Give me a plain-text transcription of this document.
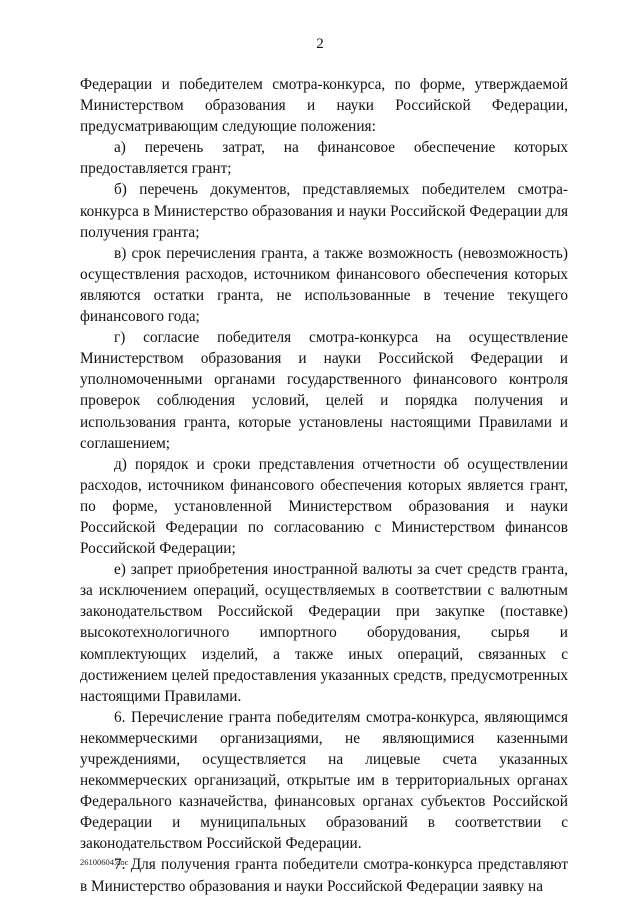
2

Федерации и победителем смотра-конкурса, по форме, утверждаемой Министерством образования и науки Российской Федерации, предусматривающим следующие положения:

а) перечень затрат, на финансовое обеспечение которых предоставляется грант;

б) перечень документов, представляемых победителем смотра-конкурса в Министерство образования и науки Российской Федерации для получения гранта;

в) срок перечисления гранта, а также возможность (невозможность) осуществления расходов, источником финансового обеспечения которых являются остатки гранта, не использованные в течение текущего финансового года;

г) согласие победителя смотра-конкурса на осуществление Министерством образования и науки Российской Федерации и уполномоченными органами государственного финансового контроля проверок соблюдения условий, целей и порядка получения и использования гранта, которые установлены настоящими Правилами и соглашением;

д) порядок и сроки представления отчетности об осуществлении расходов, источником финансового обеспечения которых является грант, по форме, установленной Министерством образования и науки Российской Федерации по согласованию с Министерством финансов Российской Федерации;

е) запрет приобретения иностранной валюты за счет средств гранта, за исключением операций, осуществляемых в соответствии с валютным законодательством Российской Федерации при закупке (поставке) высокотехнологичного импортного оборудования, сырья и комплектующих изделий, а также иных операций, связанных с достижением целей предоставления указанных средств, предусмотренных настоящими Правилами.

6. Перечисление гранта победителям смотра-конкурса, являющимся некоммерческими организациями, не являющимися казенными учреждениями, осуществляется на лицевые счета указанных некоммерческих организаций, открытые им в территориальных органах Федерального казначейства, финансовых органах субъектов Российской Федерации и муниципальных образований в соответствии с законодательством Российской Федерации.

7. Для получения гранта победители смотра-конкурса представляют в Министерство образования и науки Российской Федерации заявку на

26100604.doc
